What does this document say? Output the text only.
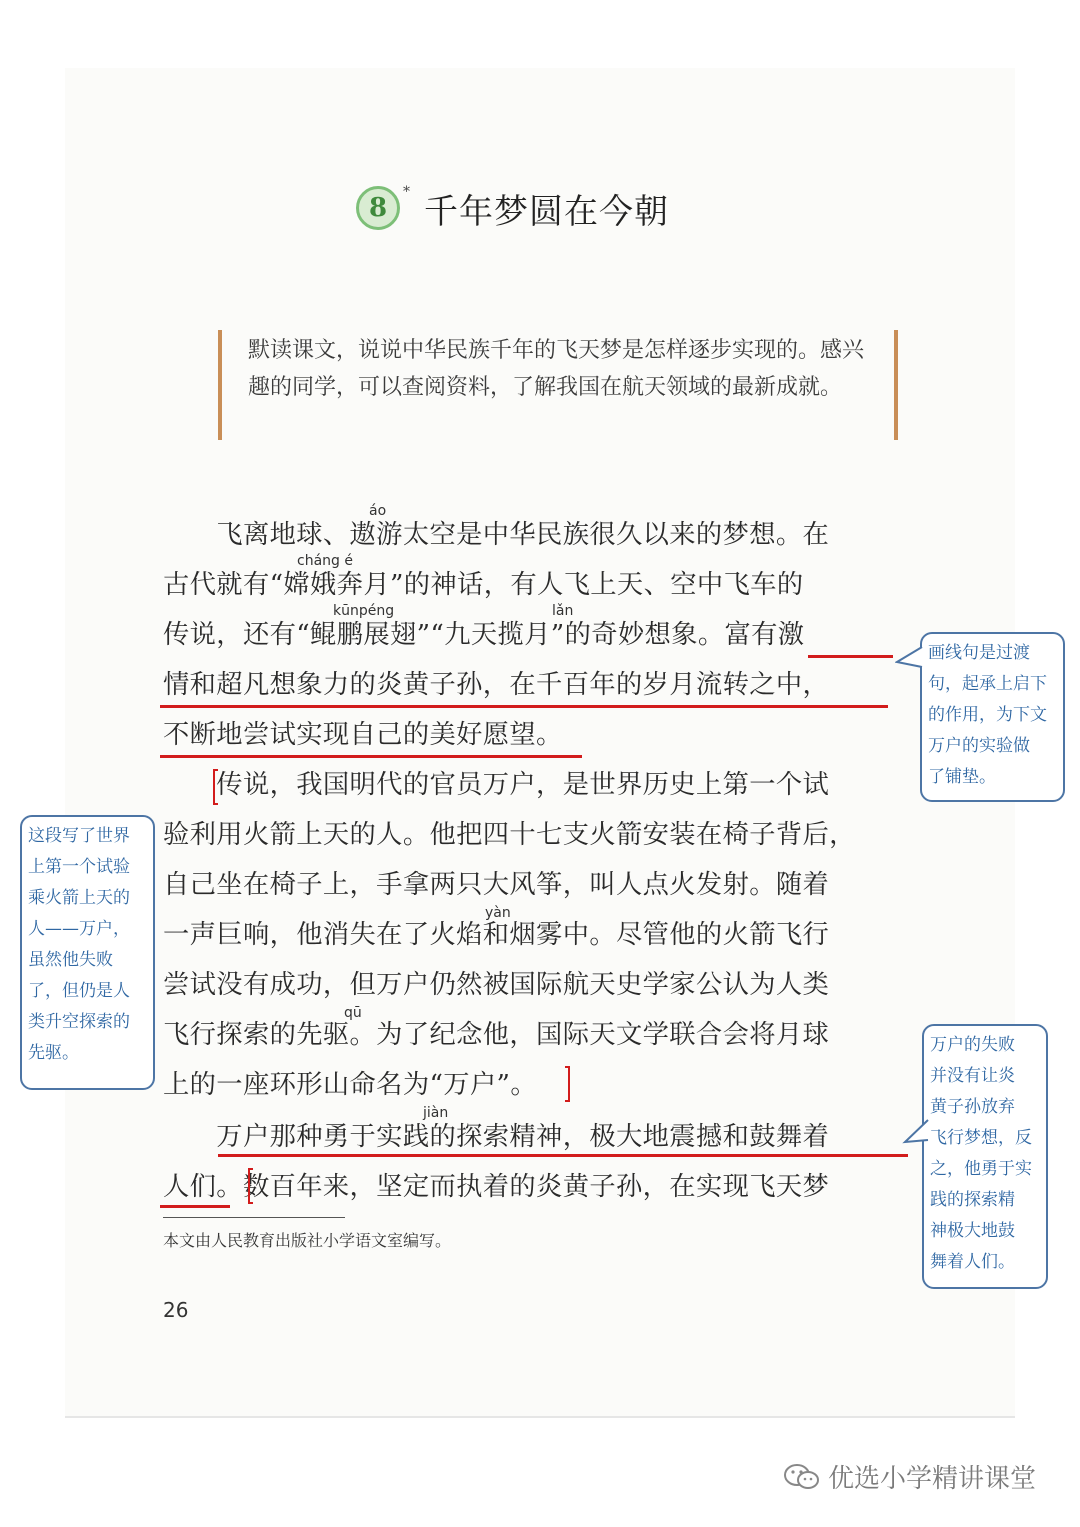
8
* 千年梦圆在今朝

默读课文，说说中华民族千年的飞天梦是怎样逐步实现的。感兴趣的同学，可以查阅资料，了解我国在航天领域的最新成就。

áo
cháng é
kūnpéng	lǎn
yàn
qū
jiàn
　　飞离地球、遨游太空是中华民族很久以来的梦想。在
古代就有“嫦娥奔月”的神话，有人飞上天、空中飞车的
传说，还有“鲲鹏展翅”“九天揽月”的奇妙想象。富有激
情和超凡想象力的炎黄子孙，在千百年的岁月流转之中，
不断地尝试实现自己的美好愿望。
　　传说，我国明代的官员万户，是世界历史上第一个试
验利用火箭上天的人。他把四十七支火箭安装在椅子背后，
自己坐在椅子上，手拿两只大风筝，叫人点火发射。随着
一声巨响，他消失在了火焰和烟雾中。尽管他的火箭飞行
尝试没有成功，但万户仍然被国际航天史学家公认为人类
飞行探索的先驱。为了纪念他，国际天文学联合会将月球
上的一座环形山命名为“万户”。
　　万户那种勇于实践的探索精神，极大地震撼和鼓舞着
人们。数百年来，坚定而执着的炎黄子孙，在实现飞天梦
画线句是过渡
句，起承上启下
的作用，为下文
万户的实验做
了铺垫。
这段写了世界
上第一个试验
乘火箭上天的
人——万户，
虽然他失败
了，但仍是人
类升空探索的
先驱。	万户的失败
并没有让炎
黄子孙放弃
飞行梦想，反
之，他勇于实
践的探索精
神极大地鼓
舞着人们。
本文由人民教育出版社小学语文室编写。
26
优选小学精讲课堂
